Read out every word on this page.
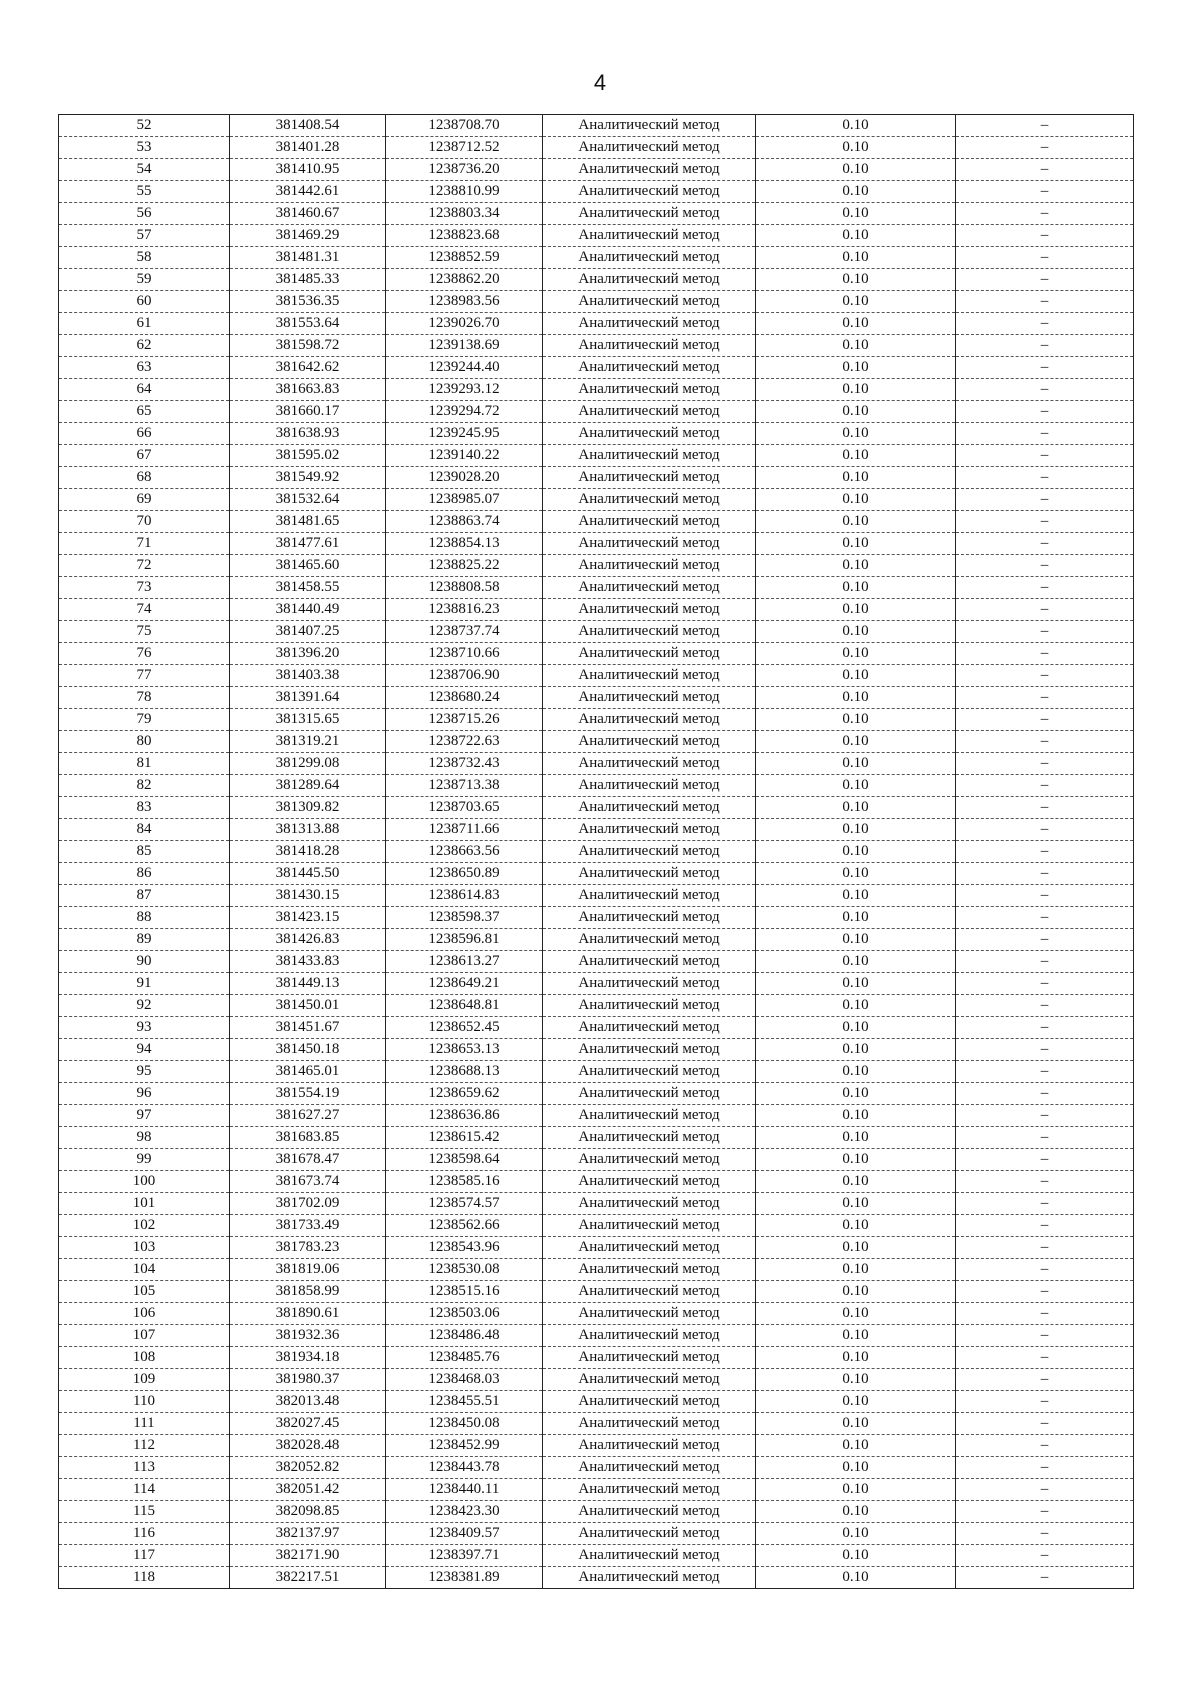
4
52	381408.54	1238708.70	Аналитический метод	0.10	–
53	381401.28	1238712.52	Аналитический метод	0.10	–
54	381410.95	1238736.20	Аналитический метод	0.10	–
55	381442.61	1238810.99	Аналитический метод	0.10	–
56	381460.67	1238803.34	Аналитический метод	0.10	–
57	381469.29	1238823.68	Аналитический метод	0.10	–
58	381481.31	1238852.59	Аналитический метод	0.10	–
59	381485.33	1238862.20	Аналитический метод	0.10	–
60	381536.35	1238983.56	Аналитический метод	0.10	–
61	381553.64	1239026.70	Аналитический метод	0.10	–
62	381598.72	1239138.69	Аналитический метод	0.10	–
63	381642.62	1239244.40	Аналитический метод	0.10	–
64	381663.83	1239293.12	Аналитический метод	0.10	–
65	381660.17	1239294.72	Аналитический метод	0.10	–
66	381638.93	1239245.95	Аналитический метод	0.10	–
67	381595.02	1239140.22	Аналитический метод	0.10	–
68	381549.92	1239028.20	Аналитический метод	0.10	–
69	381532.64	1238985.07	Аналитический метод	0.10	–
70	381481.65	1238863.74	Аналитический метод	0.10	–
71	381477.61	1238854.13	Аналитический метод	0.10	–
72	381465.60	1238825.22	Аналитический метод	0.10	–
73	381458.55	1238808.58	Аналитический метод	0.10	–
74	381440.49	1238816.23	Аналитический метод	0.10	–
75	381407.25	1238737.74	Аналитический метод	0.10	–
76	381396.20	1238710.66	Аналитический метод	0.10	–
77	381403.38	1238706.90	Аналитический метод	0.10	–
78	381391.64	1238680.24	Аналитический метод	0.10	–
79	381315.65	1238715.26	Аналитический метод	0.10	–
80	381319.21	1238722.63	Аналитический метод	0.10	–
81	381299.08	1238732.43	Аналитический метод	0.10	–
82	381289.64	1238713.38	Аналитический метод	0.10	–
83	381309.82	1238703.65	Аналитический метод	0.10	–
84	381313.88	1238711.66	Аналитический метод	0.10	–
85	381418.28	1238663.56	Аналитический метод	0.10	–
86	381445.50	1238650.89	Аналитический метод	0.10	–
87	381430.15	1238614.83	Аналитический метод	0.10	–
88	381423.15	1238598.37	Аналитический метод	0.10	–
89	381426.83	1238596.81	Аналитический метод	0.10	–
90	381433.83	1238613.27	Аналитический метод	0.10	–
91	381449.13	1238649.21	Аналитический метод	0.10	–
92	381450.01	1238648.81	Аналитический метод	0.10	–
93	381451.67	1238652.45	Аналитический метод	0.10	–
94	381450.18	1238653.13	Аналитический метод	0.10	–
95	381465.01	1238688.13	Аналитический метод	0.10	–
96	381554.19	1238659.62	Аналитический метод	0.10	–
97	381627.27	1238636.86	Аналитический метод	0.10	–
98	381683.85	1238615.42	Аналитический метод	0.10	–
99	381678.47	1238598.64	Аналитический метод	0.10	–
100	381673.74	1238585.16	Аналитический метод	0.10	–
101	381702.09	1238574.57	Аналитический метод	0.10	–
102	381733.49	1238562.66	Аналитический метод	0.10	–
103	381783.23	1238543.96	Аналитический метод	0.10	–
104	381819.06	1238530.08	Аналитический метод	0.10	–
105	381858.99	1238515.16	Аналитический метод	0.10	–
106	381890.61	1238503.06	Аналитический метод	0.10	–
107	381932.36	1238486.48	Аналитический метод	0.10	–
108	381934.18	1238485.76	Аналитический метод	0.10	–
109	381980.37	1238468.03	Аналитический метод	0.10	–
110	382013.48	1238455.51	Аналитический метод	0.10	–
111	382027.45	1238450.08	Аналитический метод	0.10	–
112	382028.48	1238452.99	Аналитический метод	0.10	–
113	382052.82	1238443.78	Аналитический метод	0.10	–
114	382051.42	1238440.11	Аналитический метод	0.10	–
115	382098.85	1238423.30	Аналитический метод	0.10	–
116	382137.97	1238409.57	Аналитический метод	0.10	–
117	382171.90	1238397.71	Аналитический метод	0.10	–
118	382217.51	1238381.89	Аналитический метод	0.10	–
